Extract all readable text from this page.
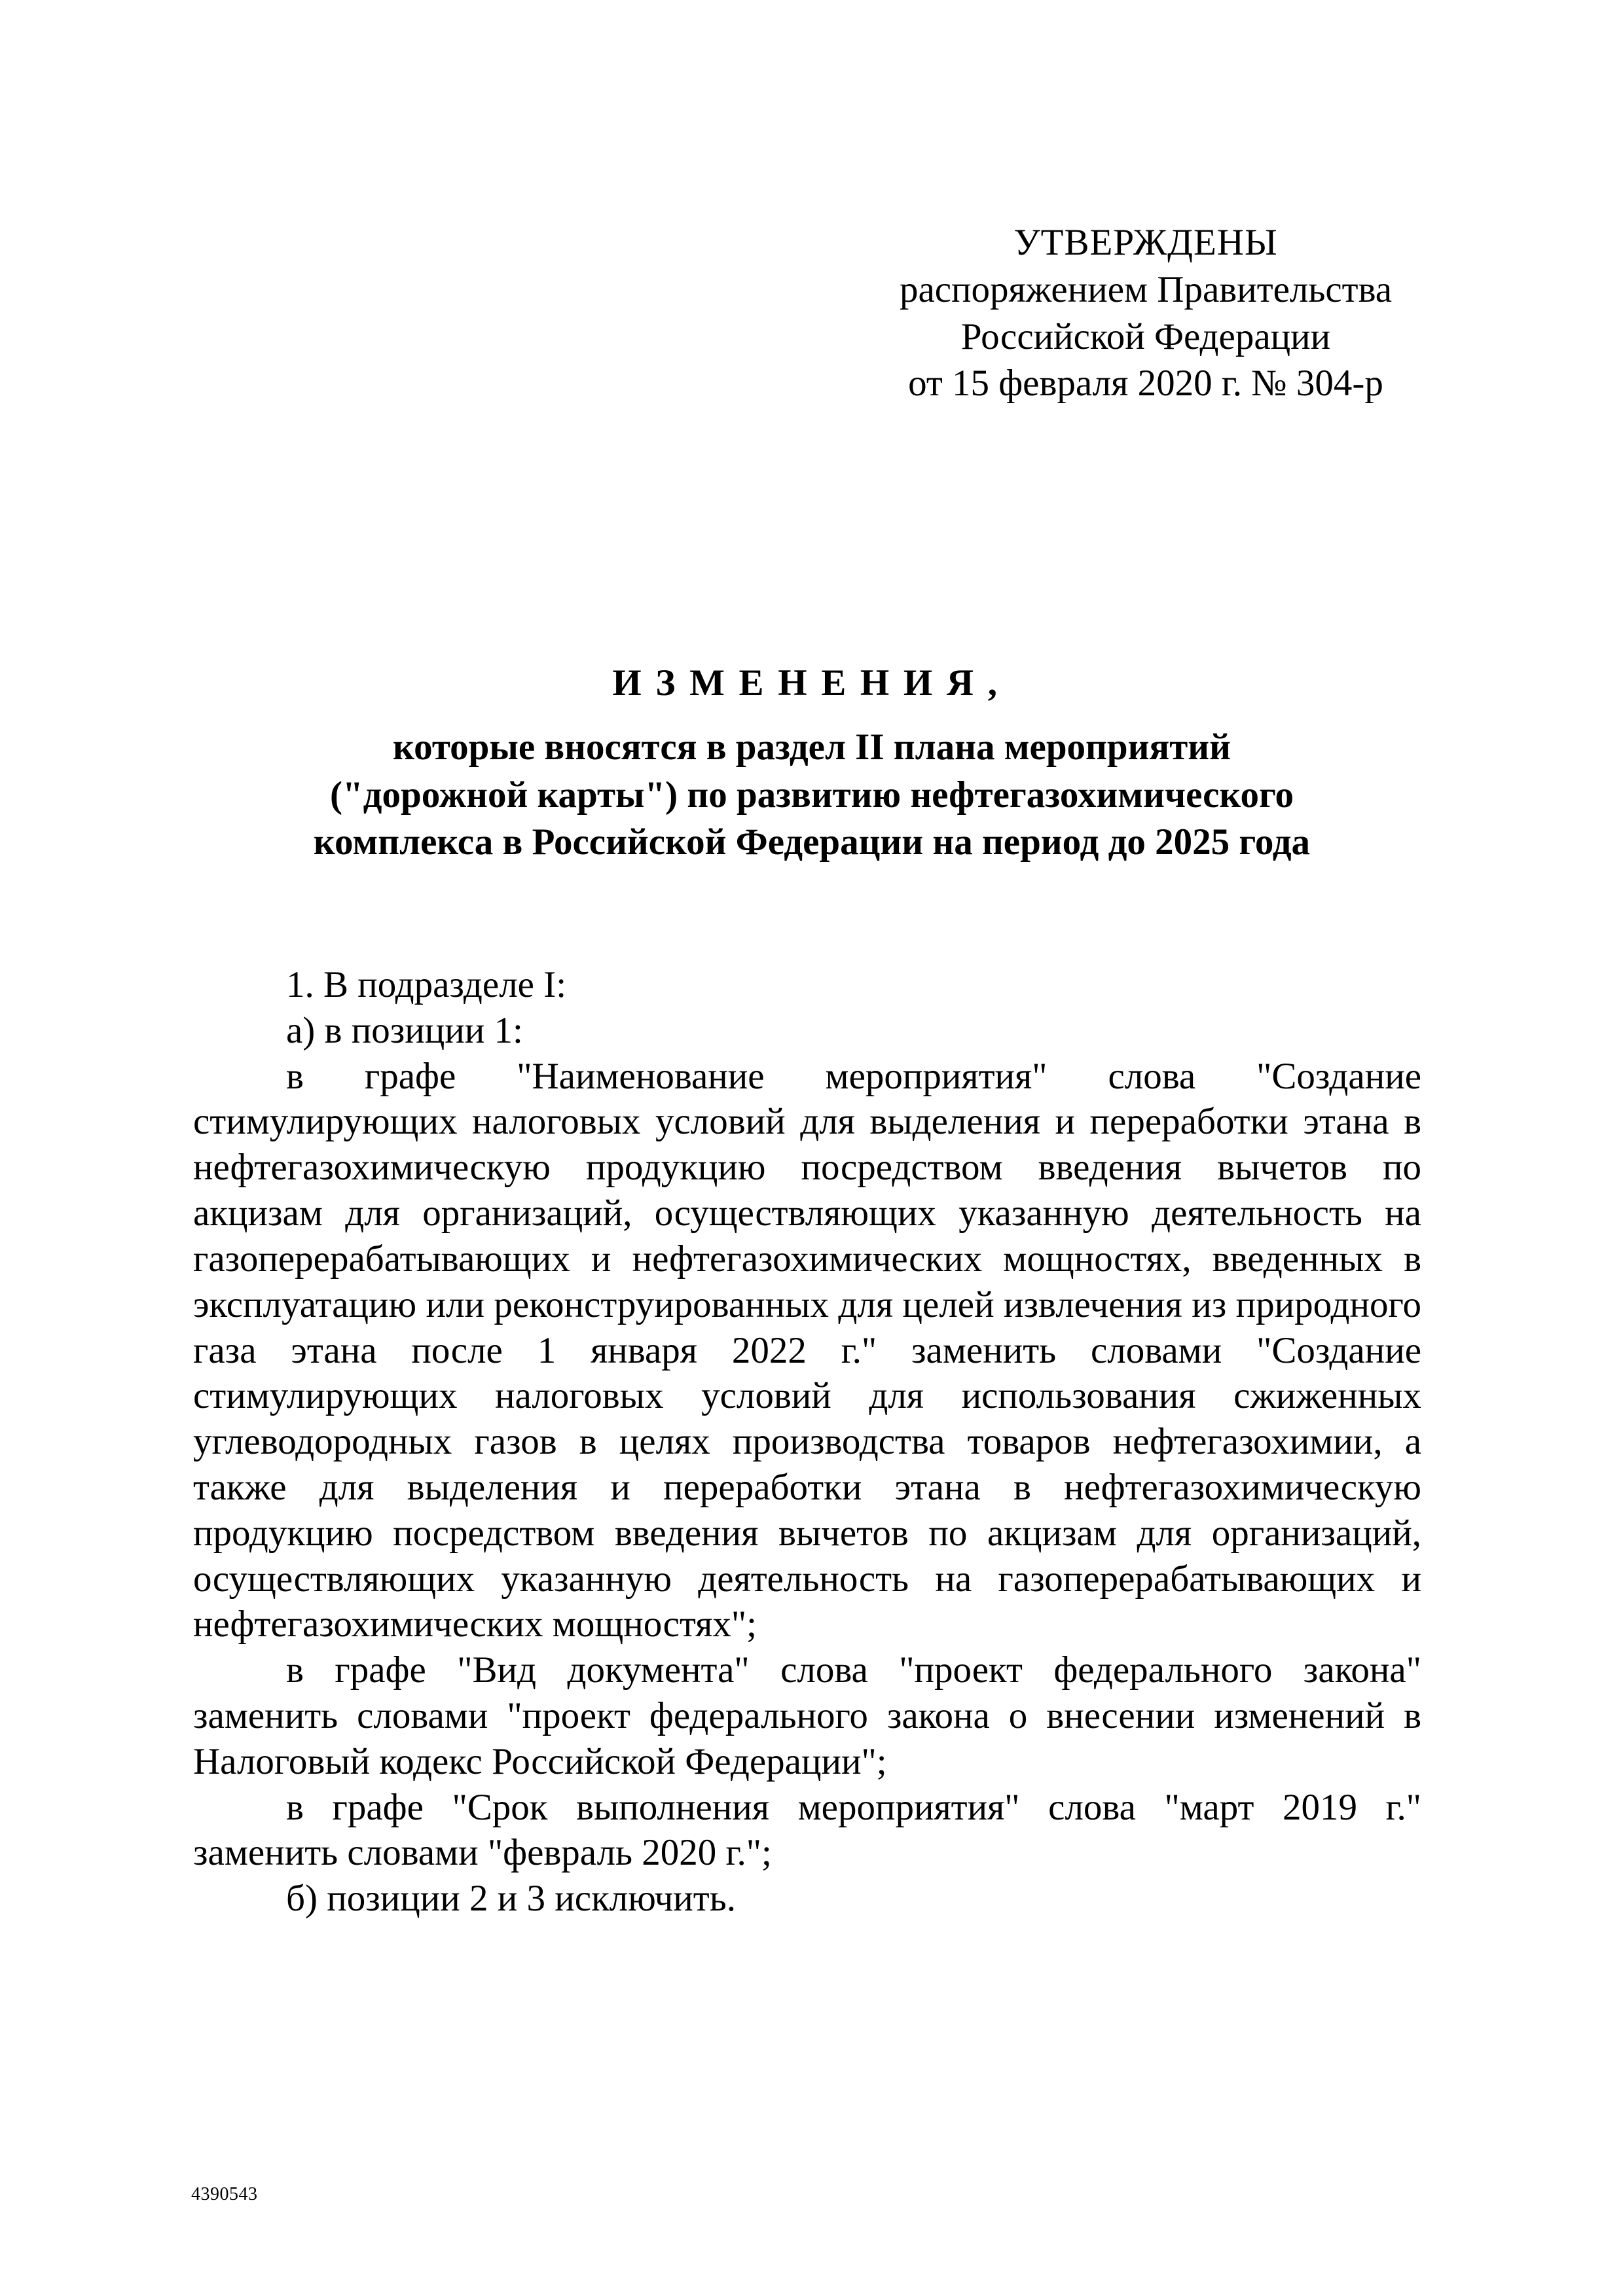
УТВЕРЖДЕНЫ
распоряжением Правительства
Российской Федерации
от 15 февраля 2020 г. № 304-р
ИЗМЕНЕНИЯ,
которые вносятся в раздел II плана мероприятий
("дорожной карты") по развитию нефтегазохимического
комплекса в Российской Федерации на период до 2025 года

1. В подразделе I:

а) в позиции 1:

в графе "Наименование мероприятия" слова "Создание стимулирующих налоговых условий для выделения и переработки этана в нефтегазохимическую продукцию посредством введения вычетов по акцизам для организаций, осуществляющих указанную деятельность на газоперерабатывающих и нефтегазохимических мощностях, введенных в эксплуатацию или реконструированных для целей извлечения из природного газа этана после 1 января 2022 г." заменить словами "Создание стимулирующих налоговых условий для использования сжиженных углеводородных газов в целях производства товаров нефтегазохимии, а также для выделения и переработки этана в нефтегазохимическую продукцию посредством введения вычетов по акцизам для организаций, осуществляющих указанную деятельность на газоперерабатывающих и нефтегазохимических мощностях";

в графе "Вид документа" слова "проект федерального закона" заменить словами "проект федерального закона о внесении изменений в Налоговый кодекс Российской Федерации";

в графе "Срок выполнения мероприятия" слова "март 2019 г." заменить словами "февраль 2020 г.";

б) позиции 2 и 3 исключить.

4390543
